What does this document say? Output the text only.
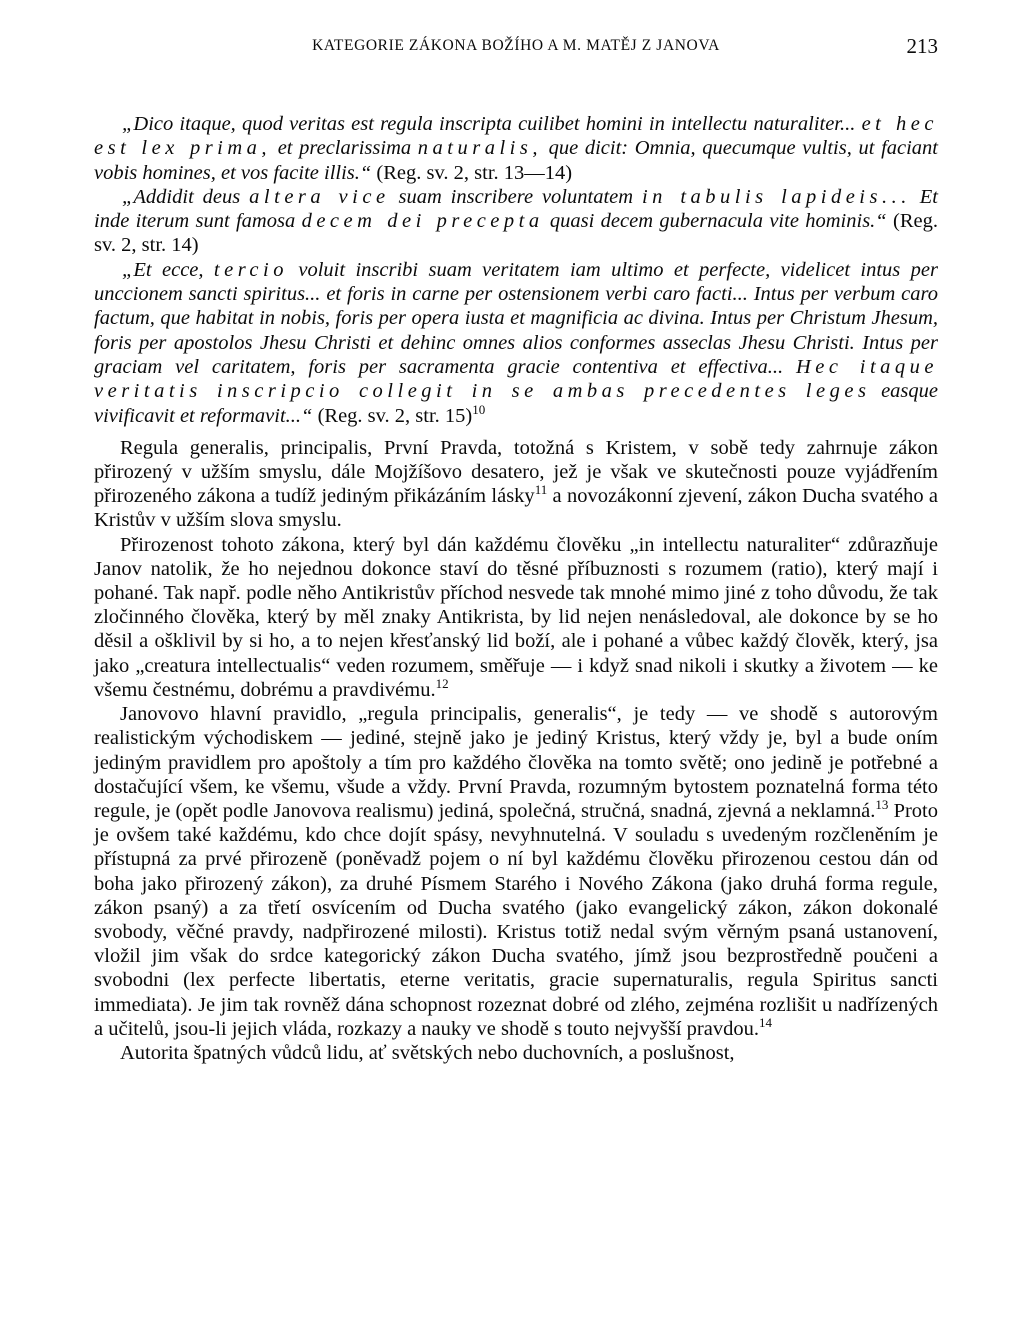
KATEGORIE ZÁKONA BOŽÍHO A M. MATĚJ Z JANOVA	213

„Dico itaque, quod veritas est regula inscripta cuilibet homini in intellectu naturaliter... et hec est lex prima, et preclarissima naturalis, que dicit: Omnia, quecumque vultis, ut faciant vobis homines, et vos facite illis.“ (Reg. sv. 2, str. 13—14)

„Addidit deus altera vice suam inscribere voluntatem in tabulis lapideis... Et inde iterum sunt famosa decem dei precepta quasi decem gubernacula vite hominis.“ (Reg. sv. 2, str. 14)

„Et ecce, tercio voluit inscribi suam veritatem iam ultimo et perfecte, videlicet intus per unccionem sancti spiritus... et foris in carne per ostensionem verbi caro facti... Intus per verbum caro factum, que habitat in nobis, foris per opera iusta et magnificia ac divina. Intus per Christum Jhesum, foris per apostolos Jhesu Christi et dehinc omnes alios conformes asseclas Jhesu Christi. Intus per graciam vel caritatem, foris per sacramenta gracie contentiva et effectiva... Hec itaque veritatis inscripcio collegit in se ambas precedentes leges easque vivificavit et reformavit...“ (Reg. sv. 2, str. 15)$^{10}$

Regula generalis, principalis, První Pravda, totožná s Kristem, v sobě tedy zahrnuje zákon přirozený v užším smyslu, dále Mojžíšovo desatero, jež je však ve skutečnosti pouze vyjádřením přirozeného zákona a tudíž jediným přikázáním lásky$^{11}$ a novozákonní zjevení, zákon Ducha svatého a Kristův v užším slova smyslu.

Přirozenost tohoto zákona, který byl dán každému člověku „in intellectu naturaliter“ zdůrazňuje Janov natolik, že ho nejednou dokonce staví do těsné příbuznosti s rozumem (ratio), který mají i pohané. Tak např. podle něho Antikristův příchod nesvede tak mnohé mimo jiné z toho důvodu, že tak zločinného člověka, který by měl znaky Antikrista, by lid nejen nenásledoval, ale dokonce by se ho děsil a ošklivil by si ho, a to nejen křesťanský lid boží, ale i pohané a vůbec každý člověk, který, jsa jako „creatura intellectualis“ veden rozumem, směřuje — i když snad nikoli i skutky a životem — ke všemu čestnému, dobrému a pravdivému.$^{12}$

Janovovo hlavní pravidlo, „regula principalis, generalis“, je tedy — ve shodě s autorovým realistickým východiskem — jediné, stejně jako je jediný Kristus, který vždy je, byl a bude oním jediným pravidlem pro apoštoly a tím pro každého člověka na tomto světě; ono jedině je potřebné a dostačující všem, ke všemu, všude a vždy. První Pravda, rozumným bytostem poznatelná forma této regule, je (opět podle Janovova realismu) jediná, společná, stručná, snadná, zjevná a neklamná.$^{13}$ Proto je ovšem také každému, kdo chce dojít spásy, nevyhnutelná. V souladu s uvedeným rozčleněním je přístupná za prvé přirozeně (poněvadž pojem o ní byl každému člověku přirozenou cestou dán od boha jako přirozený zákon), za druhé Písmem Starého i Nového Zákona (jako druhá forma regule, zákon psaný) a za třetí osvícením od Ducha svatého (jako evangelický zákon, zákon dokonalé svobody, věčné pravdy, nadpřirozené milosti). Kristus totiž nedal svým věrným psaná ustanovení, vložil jim však do srdce kategorický zákon Ducha svatého, jímž jsou bezprostředně poučeni a svobodni (lex perfecte libertatis, eterne veritatis, gracie supernaturalis, regula Spiritus sancti immediata). Je jim tak rovněž dána schopnost rozeznat dobré od zlého, zejména rozlišit u nadřízených a učitelů, jsou-li jejich vláda, rozkazy a nauky ve shodě s touto nejvyšší pravdou.$^{14}$

Autorita špatných vůdců lidu, ať světských nebo duchovních, a poslušnost,
